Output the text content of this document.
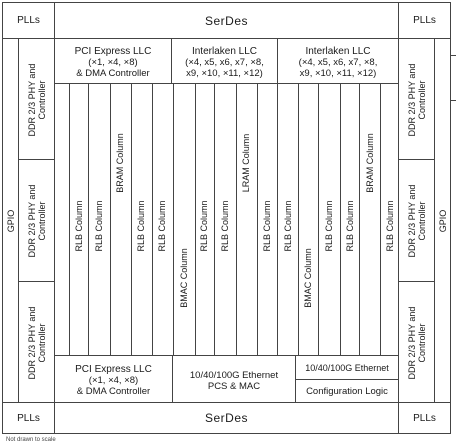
PLLs	SerDes	PLLs
PLLs	SerDes	PLLs
GPIO	GPIO
DDR 2/3 PHY and Controller
DDR 2/3 PHY and Controller
DDR 2/3 PHY and Controller
DDR 2/3 PHY and Controller
DDR 2/3 PHY and Controller
DDR 2/3 PHY and Controller
PCI Express LLC
(×1, ×4, ×8)
& DMA Controller
Interlaken LLC
(×4, x5, x6, x7, ×8,
x9, ×10, ×11, ×12)
Interlaken LLC
(×4, x5, x6, x7, ×8,
x9, ×10, ×11, ×12)
RLB Column RLB Column
BRAM Column
RLB Column RLB Column
BMAC Column
RLB Column RLB Column
LRAM Column
RLB Column RLB Column
BMAC Column
RLB Column RLB Column
BRAM Column
RLB Column
PCI Express LLC
(×1, ×4, ×8)
& DMA Controller
10/40/100G Ethernet
PCS & MAC
10/40/100G Ethernet
Configuration Logic
Not drawn to scale
